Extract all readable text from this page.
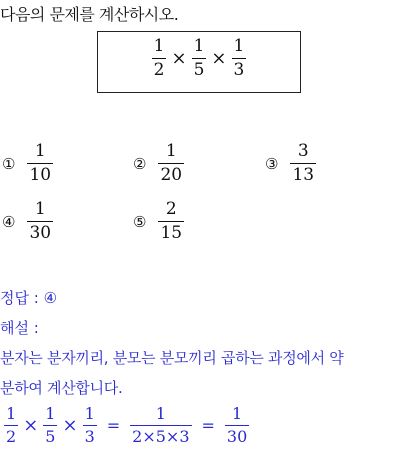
다음의 문제를 계산하시오.
$\frac{1}{2} \times \frac{1}{5} \times \frac{1}{3}$
① $\frac{1}{10}$	② $\frac{1}{20}$	③ $\frac{3}{13}$
④ $\frac{1}{30}$	⑤ $\frac{2}{15}$
정답 : ④
해설 :
분자는 분자끼리, 분모는 분모끼리 곱하는 과정에서 약
분하여 계산합니다.
$\frac{1}{2} \times \frac{1}{5} \times \frac{1}{3} = \frac{1}{2\times 5\times 3} = \frac{1}{30}$
